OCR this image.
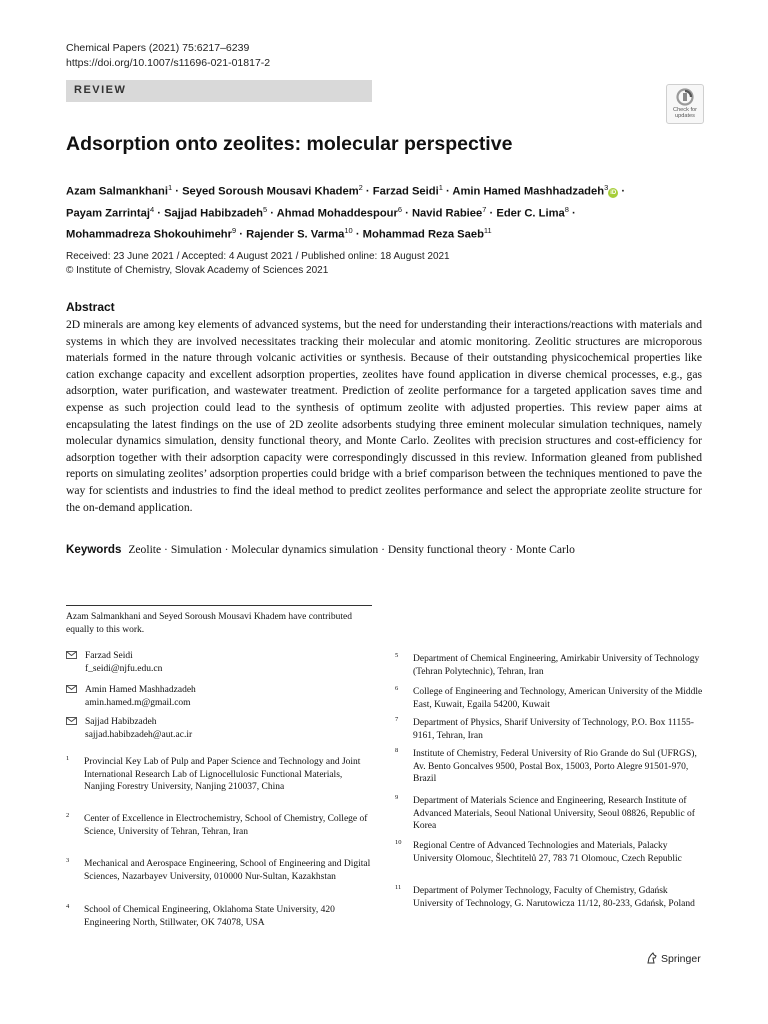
Chemical Papers (2021) 75:6217–6239
https://doi.org/10.1007/s11696-021-01817-2
REVIEW
Check for
updates
Adsorption onto zeolites: molecular perspective
Azam Salmankhani$^1$ · Seyed Soroush Mousavi Khadem$^2$ · Farzad Seidi$^1$ · Amin Hamed Mashhadzadeh$^3$iD ·
Payam Zarrintaj$^4$ · Sajjad Habibzadeh$^5$ · Ahmad Mohaddespour$^6$ · Navid Rabiee$^7$ · Eder C. Lima$^8$ ·
Mohammadreza Shokouhimehr$^9$ · Rajender S. Varma$^{10}$ · Mohammad Reza Saeb$^{11}$
Received: 23 June 2021 / Accepted: 4 August 2021 / Published online: 18 August 2021
© Institute of Chemistry, Slovak Academy of Sciences 2021
Abstract
2D minerals are among key elements of advanced systems, but the need for understanding their interactions/reactions with materials and systems in which they are involved necessitates tracking their molecular and atomic monitoring. Zeolitic structures are microporous materials formed in the nature through volcanic activities or synthesis. Because of their outstanding physicochemical properties like cation exchange capacity and excellent adsorption properties, zeolites have found application in diverse chemical processes, e.g., gas adsorption, water purification, and wastewater treatment. Prediction of zeolite performance for a targeted application saves time and expense as such projection could lead to the synthesis of optimum zeolite with adjusted properties. This review paper aims at encapsulating the latest findings on the use of 2D zeolite adsorbents studying three eminent molecular simulation techniques, namely molecular dynamics simulation, density functional theory, and Monte Carlo. Zeolites with precision structures and cost-efficiency for adsorption together with their adsorption capacity were correspondingly discussed in this review. Information gleaned from published reports on simulating zeolites’ adsorption properties could bridge with a brief comparison between the techniques mentioned to pave the way for scientists and industries to find the ideal method to predict zeolites performance and select the appropriate zeolite structure for the on-demand application.
Keywords Zeolite · Simulation · Molecular dynamics simulation · Density functional theory · Monte Carlo
Azam Salmankhani and Seyed Soroush Mousavi Khadem have contributed equally to this work.
Farzad Seidi
f_seidi@njfu.edu.cn
Amin Hamed Mashhadzadeh
amin.hamed.m@gmail.com
Sajjad Habibzadeh
sajjad.habibzadeh@aut.ac.ir
1 Provincial Key Lab of Pulp and Paper Science and Technology and Joint International Research Lab of Lignocellulosic Functional Materials, Nanjing Forestry University, Nanjing 210037, China
2 Center of Excellence in Electrochemistry, School of Chemistry, College of Science, University of Tehran, Tehran, Iran
3 Mechanical and Aerospace Engineering, School of Engineering and Digital Sciences, Nazarbayev University, 010000 Nur-Sultan, Kazakhstan
4 School of Chemical Engineering, Oklahoma State University, 420 Engineering North, Stillwater, OK 74078, USA
5 Department of Chemical Engineering, Amirkabir University of Technology (Tehran Polytechnic), Tehran, Iran
6 College of Engineering and Technology, American University of the Middle East, Kuwait, Egaila 54200, Kuwait
7 Department of Physics, Sharif University of Technology, P.O. Box 11155-9161, Tehran, Iran
8 Institute of Chemistry, Federal University of Rio Grande do Sul (UFRGS), Av. Bento Goncalves 9500, Postal Box, 15003, Porto Alegre 91501-970, Brazil
9 Department of Materials Science and Engineering, Research Institute of Advanced Materials, Seoul National University, Seoul 08826, Republic of Korea
10 Regional Centre of Advanced Technologies and Materials, Palacky University Olomouc, Šlechtitelů 27, 783 71 Olomouc, Czech Republic
11 Department of Polymer Technology, Faculty of Chemistry, Gdańsk University of Technology, G. Narutowicza 11/12, 80-233, Gdańsk, Poland
Springer
